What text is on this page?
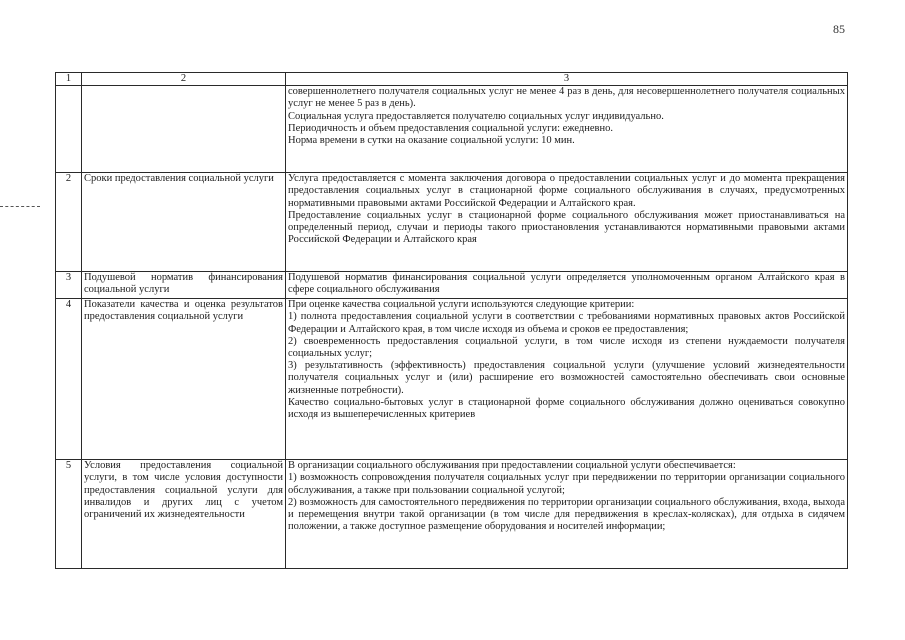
85
1	2	3

		совершеннолетнего получателя социальных услуг не менее 4 раз в день, для несовершеннолетнего получателя социальных услуг не менее 5 раз в день).
Социальная услуга предоставляется получателю социальных услуг индивидуально.
Периодичность и объем предоставления социальной услуги: ежедневно.
Норма времени в сутки на оказание социальной услуги: 10 мин.

2	Сроки предоставления социальной услуги	Услуга предоставляется с момента заключения договора о предоставлении социальных услуг и до момента прекращения предоставления социальных услуг в стационарной форме социального обслуживания в случаях, предусмотренных нормативными правовыми актами Российской Федерации и Алтайского края.
Предоставление социальных услуг в стационарной форме социального обслуживания может приостанавливаться на определенный период, случаи и периоды такого приостановления устанавливаются нормативными правовыми актами Российской Федерации и Алтайского края

3	Подушевой норматив финансирования социальной услуги	Подушевой норматив финансирования социальной услуги определяется уполномоченным органом Алтайского края в сфере социального обслуживания

4	Показатели качества и оценка результатов предоставления социальной услуги	При оценке качества социальной услуги используются следующие критерии:
1) полнота предоставления социальной услуги в соответствии с требованиями нормативных правовых актов Российской Федерации и Алтайского края, в том числе исходя из объема и сроков ее предоставления;
2) своевременность предоставления социальной услуги, в том числе исходя из степени нуждаемости получателя социальных услуг;
3) результативность (эффективность) предоставления социальной услуги (улучшение условий жизнедеятельности получателя социальных услуг и (или) расширение его возможностей самостоятельно обеспечивать свои основные жизненные потребности).
Качество социально-бытовых услуг в стационарной форме социального обслуживания должно оцениваться совокупно исходя из вышеперечисленных критериев

5	Условия предоставления социальной услуги, в том числе условия доступности предоставления социальной услуги для инвалидов и других лиц с учетом ограничений их жизнедеятельности	В организации социального обслуживания при предоставлении социальной услуги обеспечивается:
1) возможность сопровождения получателя социальных услуг при передвижении по территории организации социального обслуживания, а также при пользовании социальной услугой;
2) возможность для самостоятельного передвижения по территории организации социального обслуживания, входа, выхода и перемещения внутри такой организации (в том числе для передвижения в креслах-колясках), для отдыха в сидячем положении, а также доступное размещение оборудования и носителей информации;
